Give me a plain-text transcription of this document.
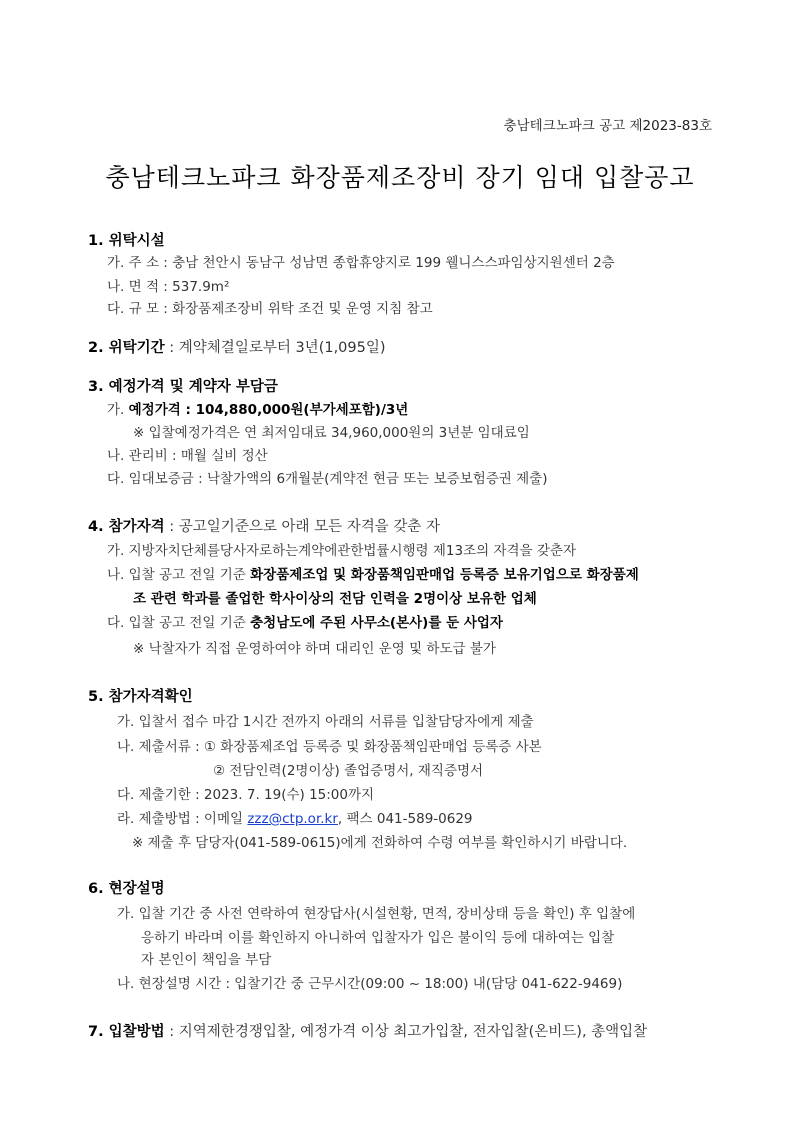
충남테크노파크 공고 제2023-83호
충남테크노파크 화장품제조장비 장기 임대 입찰공고
1. 위탁시설
가. 주 소 : 충남 천안시 동남구 성남면 종합휴양지로 199 웰니스스파임상지원센터 2층
나. 면 적 : 537.9m²
다. 규 모 : 화장품제조장비 위탁 조건 및 운영 지침 참고
2. 위탁기간 : 계약체결일로부터 3년(1,095일)
3. 예정가격 및 계약자 부담금
가. 예정가격 : 104,880,000원(부가세포함)/3년
※ 입찰예정가격은 연 최저임대료 34,960,000원의 3년분 임대료임
나. 관리비 : 매월 실비 정산
다. 임대보증금 : 낙찰가액의 6개월분(계약전 현금 또는 보증보험증권 제출)
4. 참가자격 : 공고일기준으로 아래 모든 자격을 갖춘 자
가. 지방자치단체를당사자로하는계약에관한법률시행령 제13조의 자격을 갖춘자
나. 입찰 공고 전일 기준 화장품제조업 및 화장품책임판매업 등록증 보유기업으로 화장품제
조 관련 학과를 졸업한 학사이상의 전담 인력을 2명이상 보유한 업체
다. 입찰 공고 전일 기준 충청남도에 주된 사무소(본사)를 둔 사업자
※ 낙찰자가 직접 운영하여야 하며 대리인 운영 및 하도급 불가
5. 참가자격확인
가. 입찰서 접수 마감 1시간 전까지 아래의 서류를 입찰담당자에게 제출
나. 제출서류 : ① 화장품제조업 등록증 및 화장품책임판매업 등록증 사본
② 전담인력(2명이상) 졸업증명서, 재직증명서
다. 제출기한 : 2023. 7. 19(수) 15:00까지
라. 제출방법 : 이메일 zzz@ctp.or.kr, 팩스 041-589-0629
※ 제출 후 담당자(041-589-0615)에게 전화하여 수령 여부를 확인하시기 바랍니다.
6. 현장설명
가. 입찰 기간 중 사전 연락하여 현장답사(시설현황, 면적, 장비상태 등을 확인) 후 입찰에
응하기 바라며 이를 확인하지 아니하여 입찰자가 입은 불이익 등에 대하여는 입찰
자 본인이 책임을 부담
나. 현장설명 시간 : 입찰기간 중 근무시간(09:00 ~ 18:00) 내(담당 041-622-9469)
7. 입찰방법 : 지역제한경쟁입찰, 예정가격 이상 최고가입찰, 전자입찰(온비드), 총액입찰
